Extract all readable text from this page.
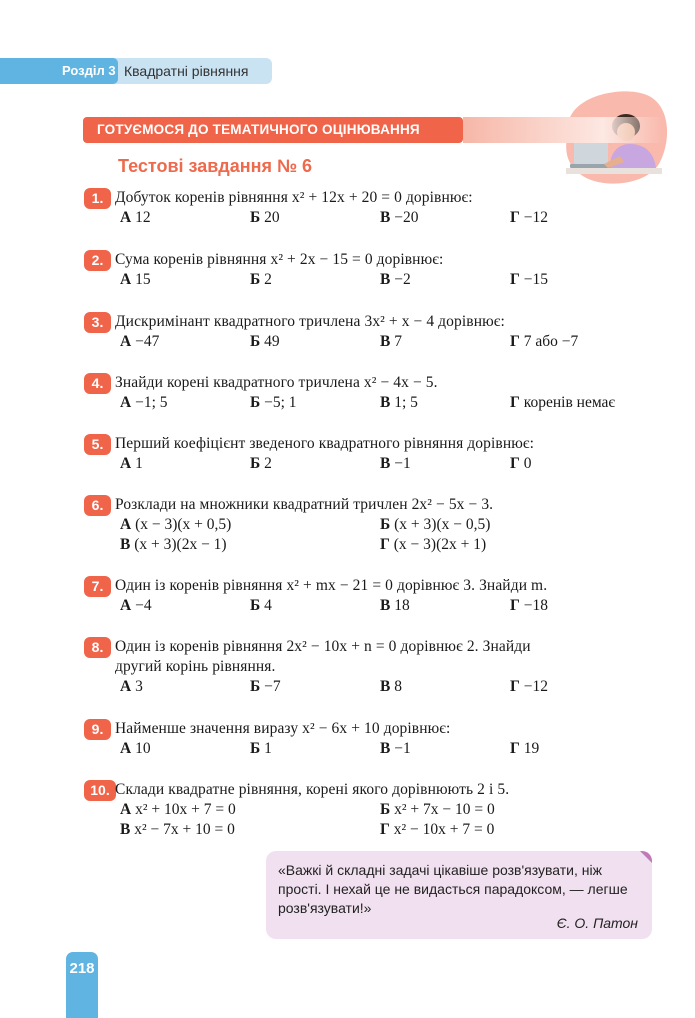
Розділ 3 Квадратні рівняння
ГОТУЄМОСЯ ДО ТЕМАТИЧНОГО ОЦІНЮВАННЯ
Тестові завдання № 6
1. Добуток коренів рівняння x² + 12x + 20 = 0 дорівнює:
А 12	Б 20	В −20	Г −12
2. Сума коренів рівняння x² + 2x − 15 = 0 дорівнює:
А 15	Б 2	В −2	Г −15
3. Дискримінант квадратного тричлена 3x² + x − 4 дорівнює:
А −47	Б 49	В 7	Г 7 або −7
4. Знайди корені квадратного тричлена x² − 4x − 5.
А −1; 5	Б −5; 1	В 1; 5	Г коренів немає
5. Перший коефіцієнт зведеного квадратного рівняння дорівнює:
А 1	Б 2	В −1	Г 0
6. Розклади на множники квадратний тричлен 2x² − 5x − 3.
А (x − 3)(x + 0,5)	Б (x + 3)(x − 0,5)
В (x + 3)(2x − 1)	Г (x − 3)(2x + 1)
7. Один із коренів рівняння x² + mx − 21 = 0 дорівнює 3. Знайди m.
А −4	Б 4	В 18	Г −18
8. Один із коренів рівняння 2x² − 10x + n = 0 дорівнює 2. Знайди
другий корінь рівняння.
А 3	Б −7	В 8	Г −12
9. Найменше значення виразу x² − 6x + 10 дорівнює:
А 10	Б 1	В −1	Г 19
10. Склади квадратне рівняння, корені якого дорівнюють 2 і 5.
А x² + 10x + 7 = 0	Б x² + 7x − 10 = 0
В x² − 7x + 10 = 0	Г x² − 10x + 7 = 0
«Важкі й складні задачі цікавіше розв'язувати, ніж
прості. І нехай це не видасться парадоксом, — легше
розв'язувати!»
Є. О. Патон
218
